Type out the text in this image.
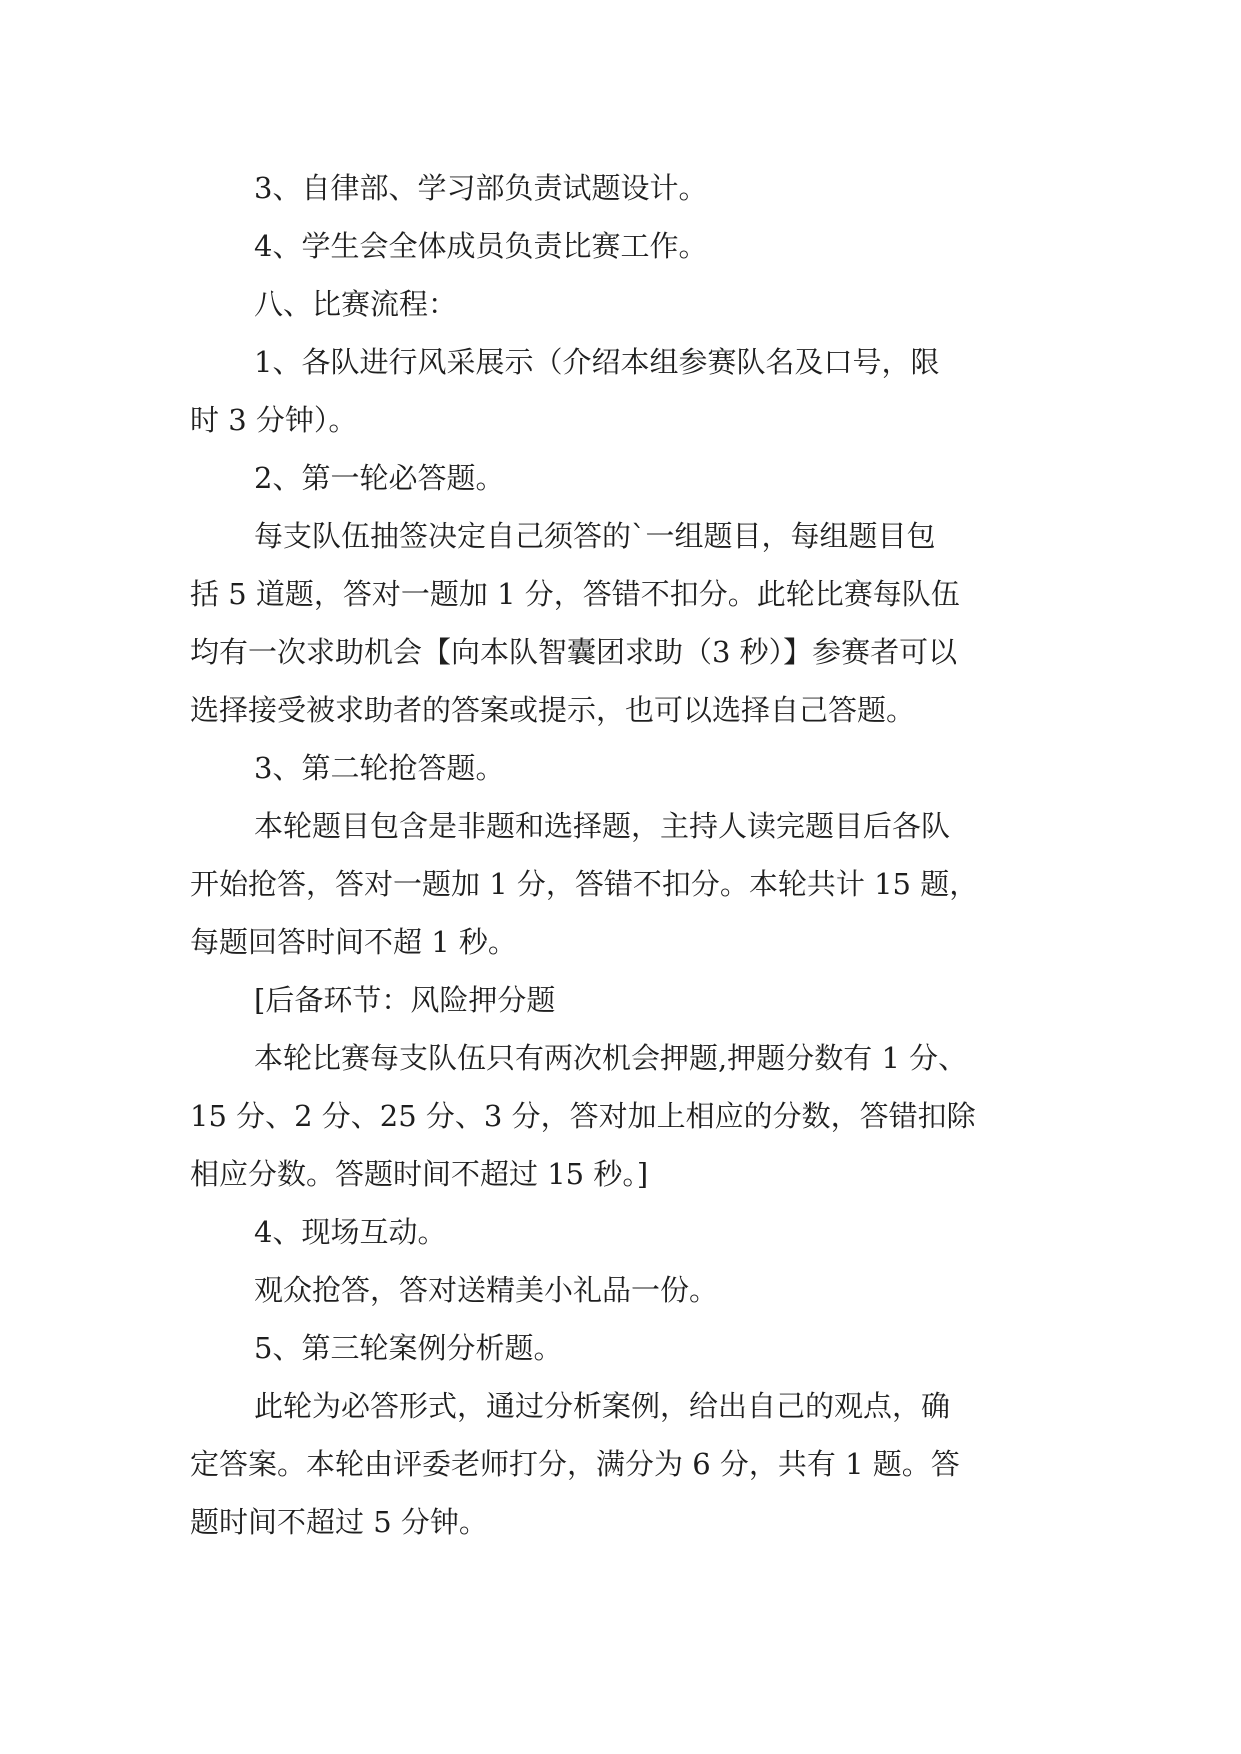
3、自律部、学习部负责试题设计。

4、学生会全体成员负责比赛工作。

八、比赛流程：

1、各队进行风采展示（介绍本组参赛队名及口号，限
时 3 分钟）。

2、第一轮必答题。

每支队伍抽签决定自己须答的`一组题目，每组题目包
括 5 道题，答对一题加 1 分，答错不扣分。此轮比赛每队伍
均有一次求助机会【向本队智囊团求助（3 秒）】参赛者可以
选择接受被求助者的答案或提示，也可以选择自己答题。

3、第二轮抢答题。

本轮题目包含是非题和选择题，主持人读完题目后各队
开始抢答，答对一题加 1 分，答错不扣分。本轮共计 15 题，
每题回答时间不超 1 秒。

[后备环节：风险押分题

本轮比赛每支队伍只有两次机会押题,押题分数有 1 分、
15 分、2 分、25 分、3 分，答对加上相应的分数，答错扣除
相应分数。答题时间不超过 15 秒。]

4、现场互动。

观众抢答，答对送精美小礼品一份。

5、第三轮案例分析题。

此轮为必答形式，通过分析案例，给出自己的观点，确
定答案。本轮由评委老师打分，满分为 6 分，共有 1 题。答
题时间不超过 5 分钟。
